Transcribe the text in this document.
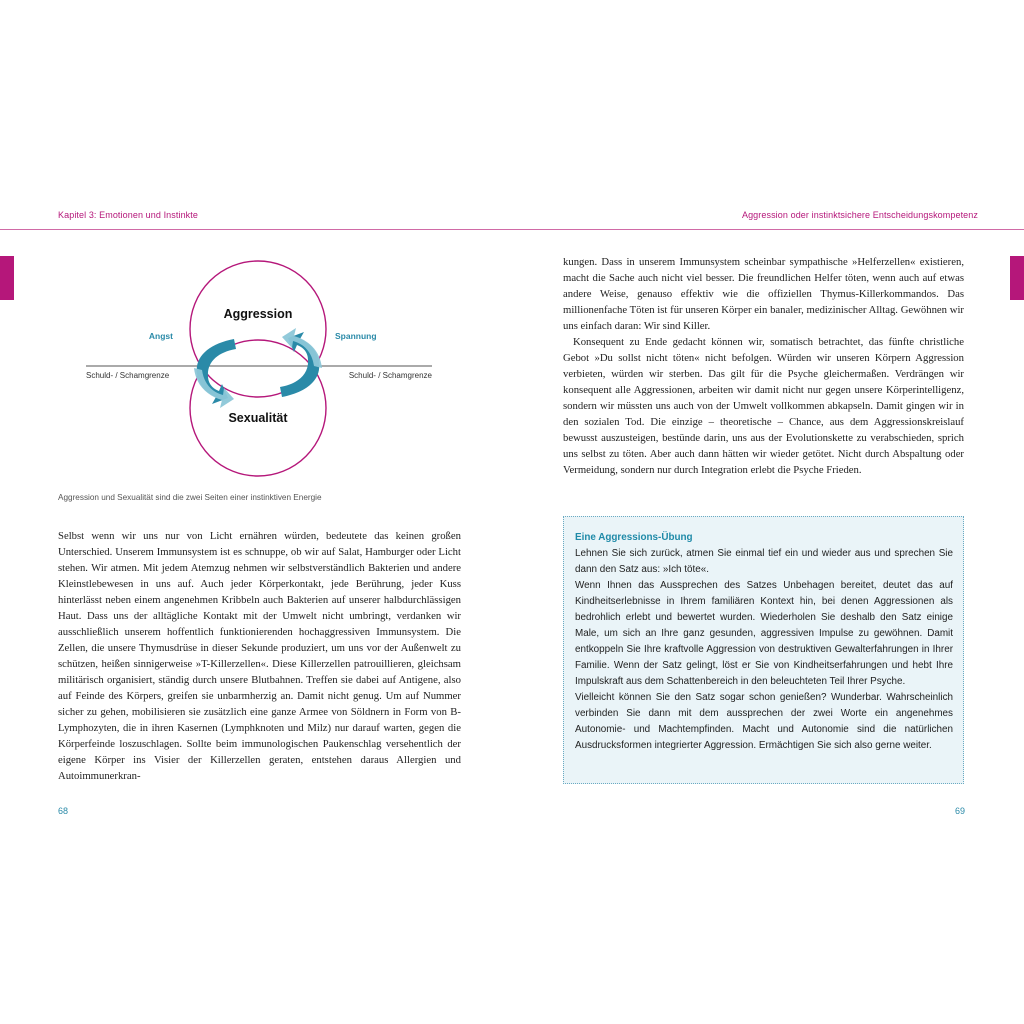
Kapitel 3: Emotionen und Instinkte	Aggression oder instinktsichere Entscheidungskompetenz
Aggression
Sexualität
Angst	Spannung
Schuld- / Schamgrenze	Schuld- / Schamgrenze
Aggression und Sexualität sind die zwei Seiten einer instinktiven Energie

Selbst wenn wir uns nur von Licht ernähren würden, bedeutete das keinen großen Unterschied. Unserem Immunsystem ist es schnuppe, ob wir auf Salat, Hamburger oder Licht stehen. Wir atmen. Mit jedem Atemzug nehmen wir selbstverständlich Bakterien und andere Kleinstlebewesen in uns auf. Auch jeder Körperkontakt, jede Berührung, jeder Kuss hinterlässt neben einem angenehmen Kribbeln auch Bakterien auf unserer halbdurchlässigen Haut. Dass uns der alltägliche Kontakt mit der Umwelt nicht umbringt, verdanken wir ausschließlich unserem hoffentlich funktionierenden hochaggressiven Immunsystem. Die Zellen, die unsere Thymusdrüse in dieser Sekunde produziert, um uns vor der Außenwelt zu schützen, heißen sinnigerweise »T-Killerzellen«. Diese Killerzellen patrouillieren, gleichsam militärisch organisiert, ständig durch unsere Blutbahnen. Treffen sie dabei auf Antigene, also auf Feinde des Körpers, greifen sie unbarmherzig an. Damit nicht genug. Um auf Nummer sicher zu gehen, mobilisieren sie zusätzlich eine ganze Armee von Söldnern in Form von B-Lymphozyten, die in ihren Kasernen (Lymphknoten und Milz) nur darauf warten, gegen die Körperfeinde loszuschlagen. Sollte beim immunologischen Paukenschlag versehentlich der eigene Körper ins Visier der Killerzellen geraten, entstehen daraus Allergien und Autoimmunerkran-

kungen. Dass in unserem Immunsystem scheinbar sympathische »Helferzellen« existieren, macht die Sache auch nicht viel besser. Die freundlichen Helfer töten, wenn auch auf etwas andere Weise, genauso effektiv wie die offiziellen Thymus-Killerkommandos. Das millionenfache Töten ist für unseren Körper ein banaler, medizinischer Alltag. Gewöhnen wir uns einfach daran: Wir sind Killer.

Konsequent zu Ende gedacht können wir, somatisch betrachtet, das fünfte christliche Gebot »Du sollst nicht töten« nicht befolgen. Würden wir unseren Körpern Aggression verbieten, würden wir sterben. Das gilt für die Psyche gleichermaßen. Verdrängen wir konsequent alle Aggressionen, arbeiten wir damit nicht nur gegen unsere Körperintelligenz, sondern wir müssten uns auch von der Umwelt vollkommen abkapseln. Damit gingen wir in den sozialen Tod. Die einzige – theoretische – Chance, aus dem Aggressionskreislauf bewusst auszusteigen, bestünde darin, uns aus der Evolutionskette zu verabschieden, sprich uns selbst zu töten. Aber auch dann hätten wir wieder getötet. Nicht durch Abspaltung oder Vermeidung, sondern nur durch Integration erlebt die Psyche Frieden.

Eine Aggressions-Übung

Lehnen Sie sich zurück, atmen Sie einmal tief ein und wieder aus und sprechen Sie dann den Satz aus: »Ich töte«.

Wenn Ihnen das Aussprechen des Satzes Unbehagen bereitet, deutet das auf Kindheitserlebnisse in Ihrem familiären Kontext hin, bei denen Aggressionen als bedrohlich erlebt und bewertet wurden. Wiederholen Sie deshalb den Satz einige Male, um sich an Ihre ganz gesunden, aggressiven Impulse zu gewöhnen. Damit entkoppeln Sie Ihre kraftvolle Aggression von destruktiven Gewalterfahrungen in Ihrer Familie. Wenn der Satz gelingt, löst er Sie von Kindheitserfahrungen und hebt Ihre Impulskraft aus dem Schattenbereich in den beleuchteten Teil Ihrer Psyche.

Vielleicht können Sie den Satz sogar schon genießen? Wunderbar. Wahrscheinlich verbinden Sie dann mit dem aussprechen der zwei Worte ein angenehmes Autonomie- und Machtempfinden. Macht und Autonomie sind die natürlichen Ausdrucksformen integrierter Aggression. Ermächtigen Sie sich also gerne weiter.

68	69
